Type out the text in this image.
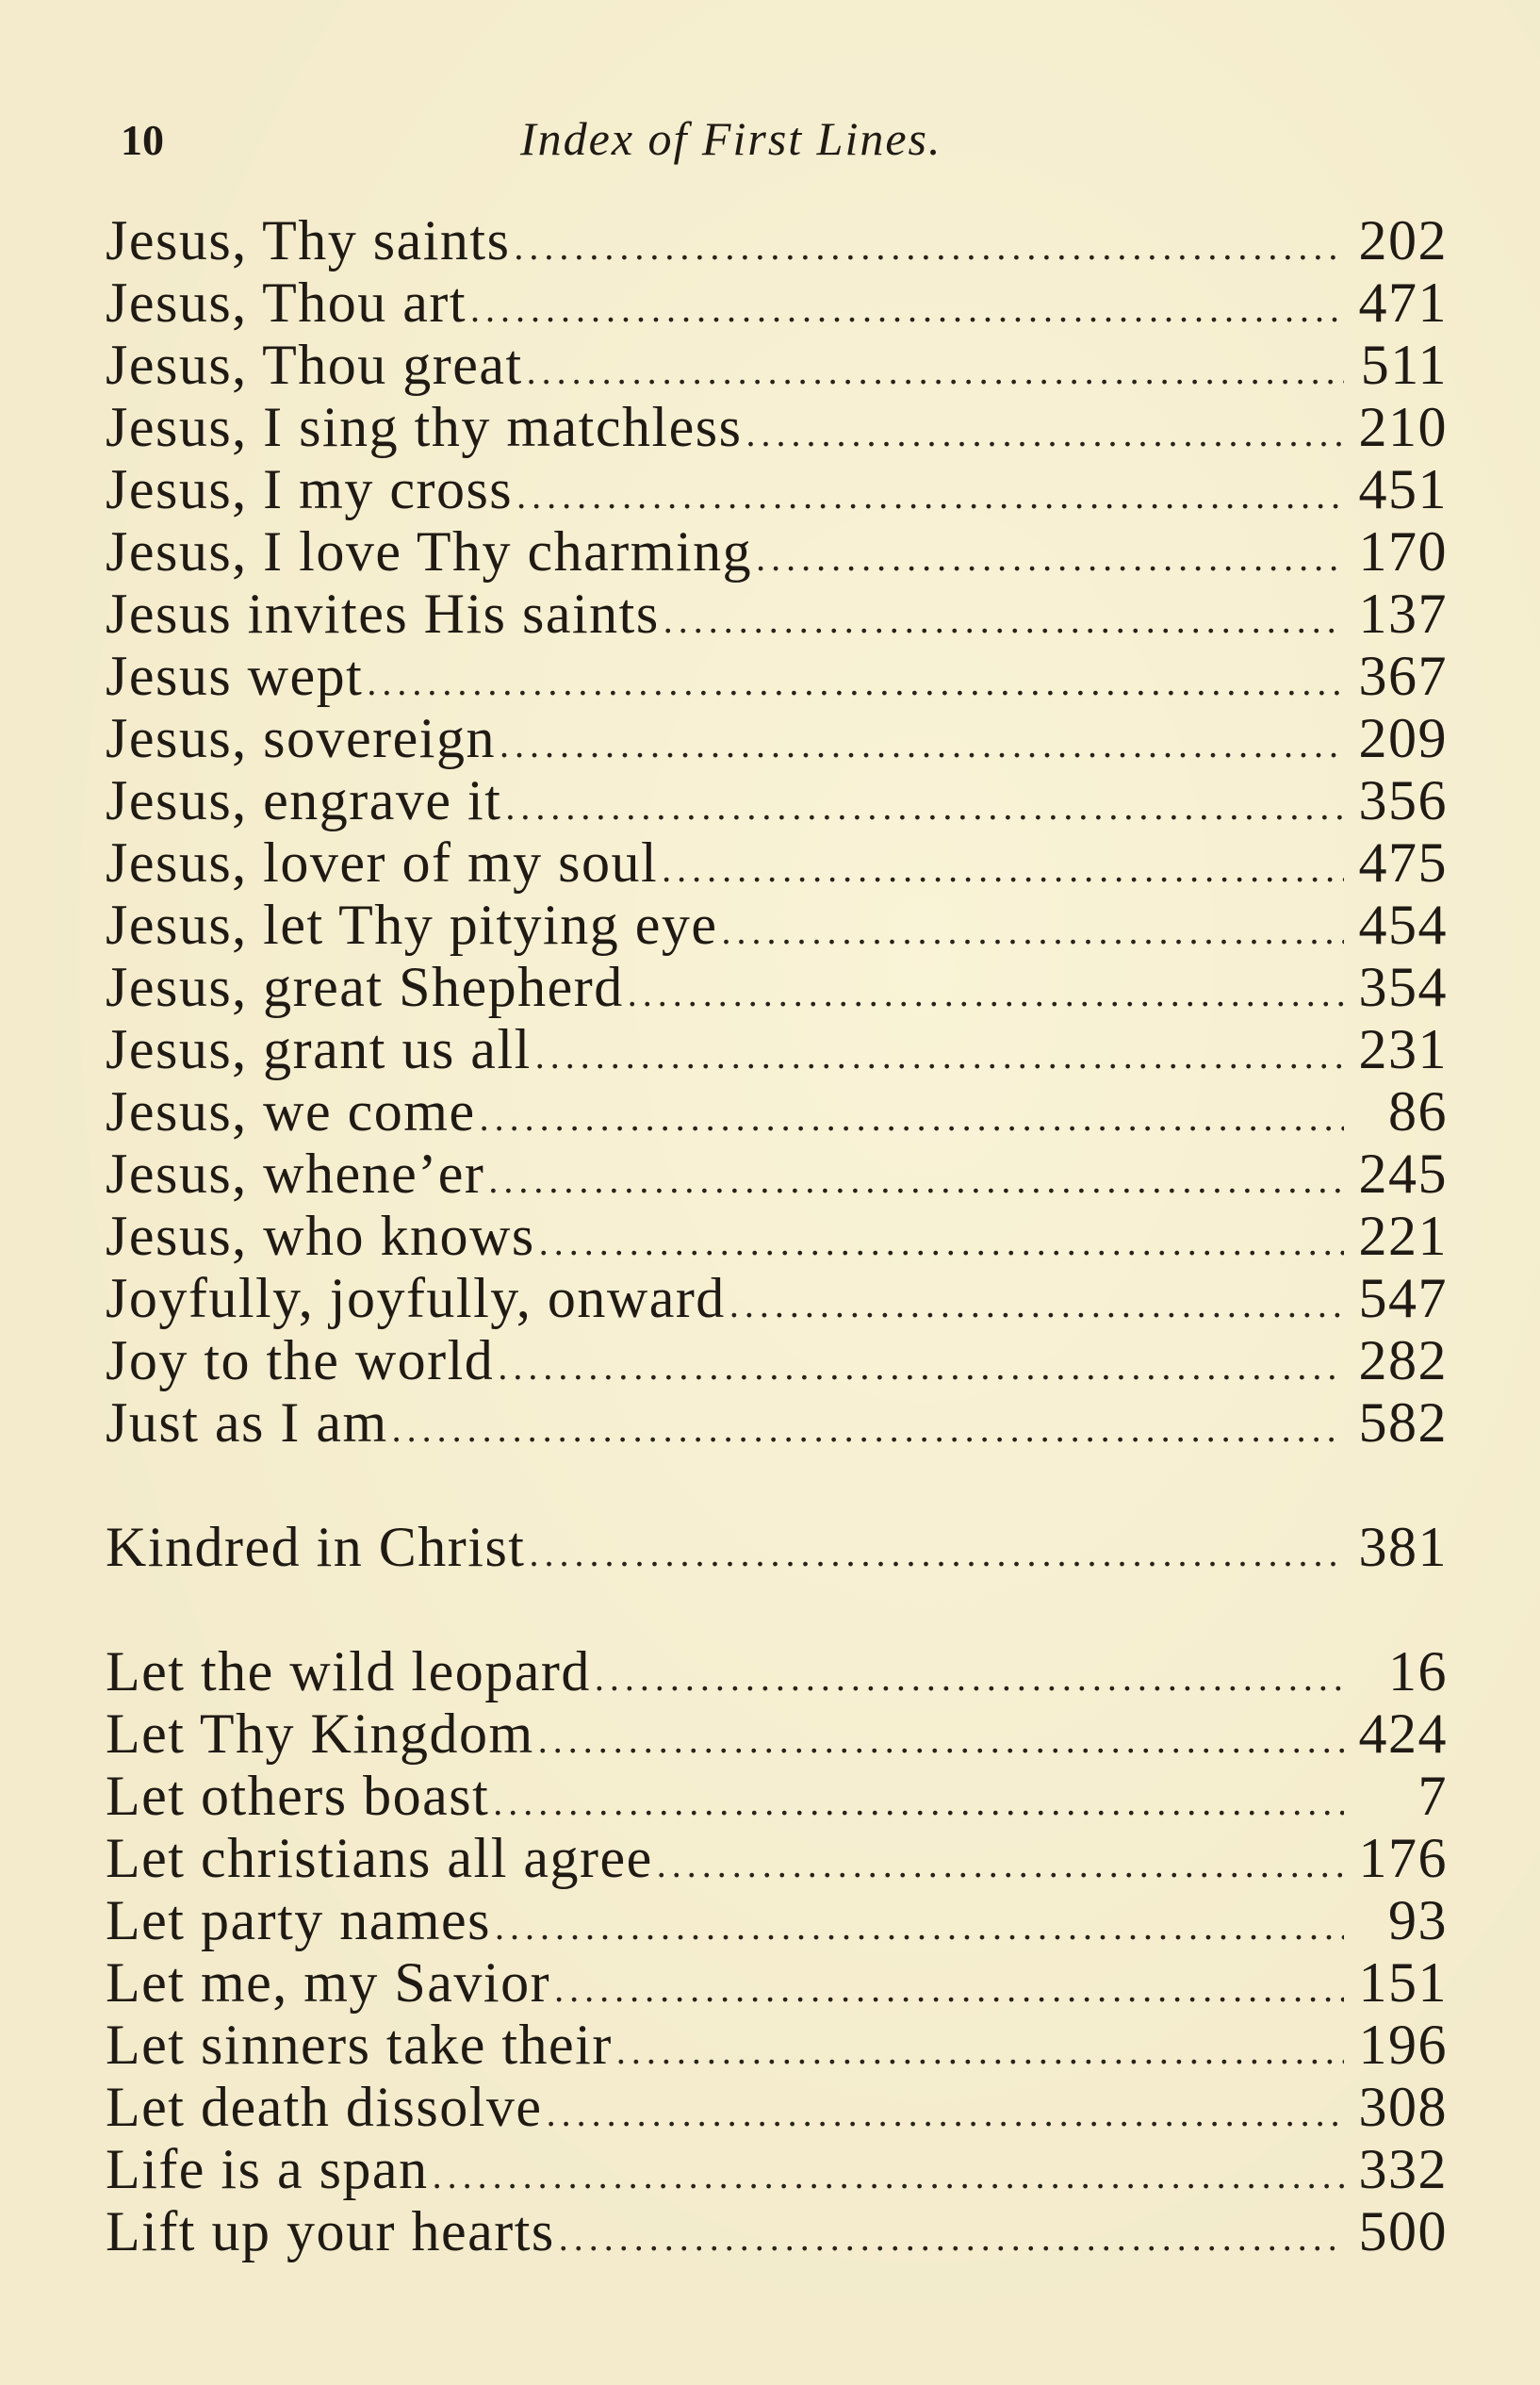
10	Index of First Lines.
Jesus, Thy saints .....	202
Jesus, Thou art .....	471
Jesus, Thou great .....	511
Jesus, I sing thy matchless .....	210
Jesus, I my cross .....	451
Jesus, I love Thy charming .....	170
Jesus invites His saints .....	137
Jesus wept .....	367
Jesus, sovereign .....	209
Jesus, engrave it .....	356
Jesus, lover of my soul .....	475
Jesus, let Thy pitying eye .....	454
Jesus, great Shepherd .....	354
Jesus, grant us all .....	231
Jesus, we come .....	86
Jesus, whene’er .....	245
Jesus, who knows .....	221
Joyfully, joyfully, onward .....	547
Joy to the world .....	282
Just as I am .....	582
Kindred in Christ .....	381
Let the wild leopard .....	16
Let Thy Kingdom .....	424
Let others boast .....	7
Let christians all agree .....	176
Let party names .....	93
Let me, my Savior .....	151
Let sinners take their .....	196
Let death dissolve .....	308
Life is a span .....	332
Lift up your hearts .....	500
